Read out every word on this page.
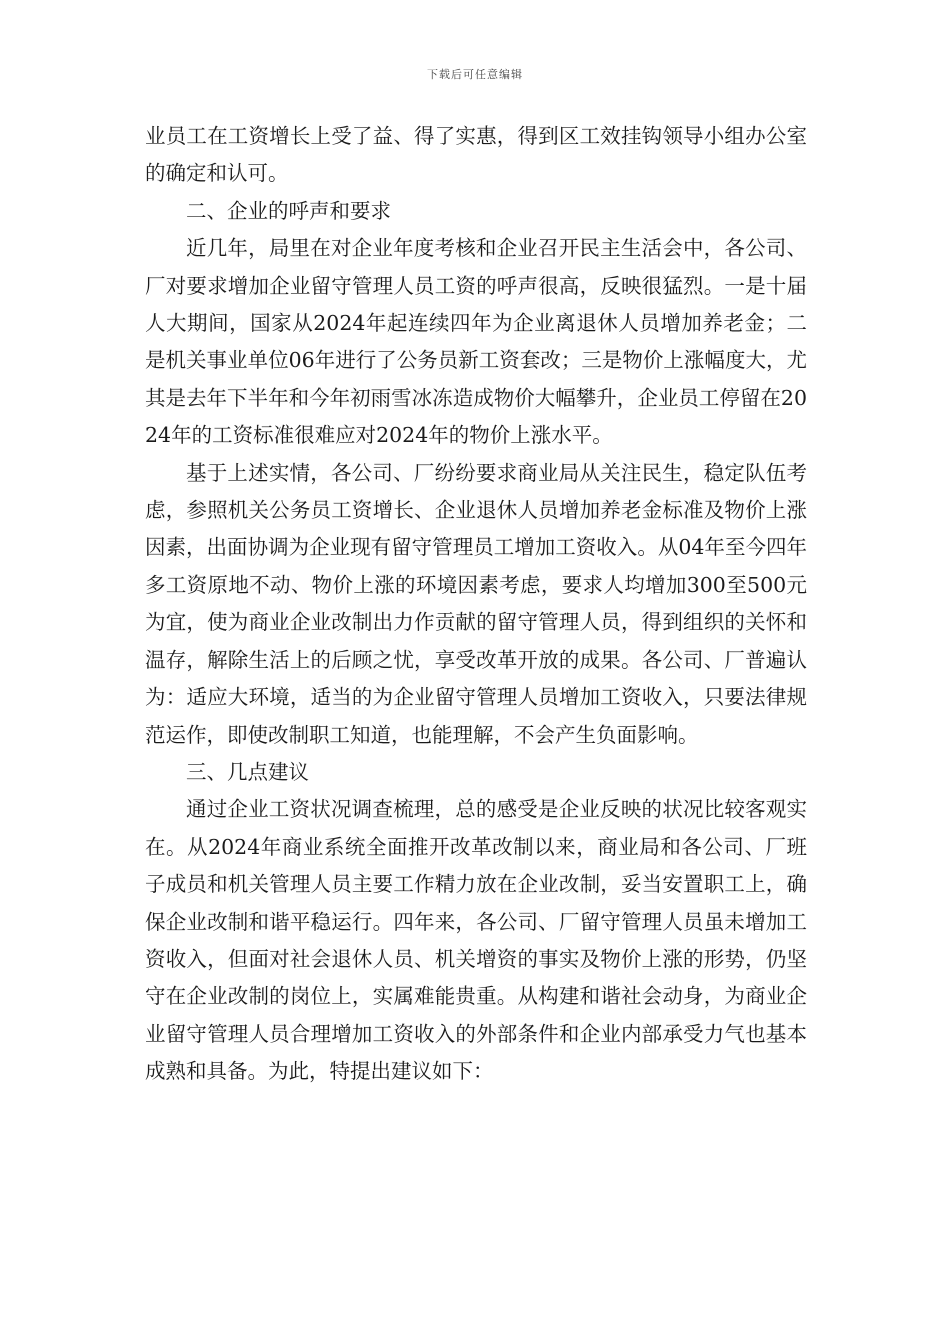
下载后可任意编辑

业员工在工资增长上受了益、得了实惠，得到区工效挂钩领导小组办公室的确定和认可。

二、企业的呼声和要求

近几年，局里在对企业年度考核和企业召开民主生活会中，各公司、厂对要求增加企业留守管理人员工资的呼声很高，反映很猛烈。一是十届人大期间，国家从2024年起连续四年为企业离退休人员增加养老金；二是机关事业单位06年进行了公务员新工资套改；三是物价上涨幅度大，尤其是去年下半年和今年初雨雪冰冻造成物价大幅攀升，企业员工停留在2024年的工资标准很难应对2024年的物价上涨水平。

基于上述实情，各公司、厂纷纷要求商业局从关注民生，稳定队伍考虑，参照机关公务员工资增长、企业退休人员增加养老金标准及物价上涨因素，出面协调为企业现有留守管理员工增加工资收入。从04年至今四年多工资原地不动、物价上涨的环境因素考虑，要求人均增加300至500元为宜，使为商业企业改制出力作贡献的留守管理人员，得到组织的关怀和温存，解除生活上的后顾之忧，享受改革开放的成果。各公司、厂普遍认为：适应大环境，适当的为企业留守管理人员增加工资收入，只要法律规范运作，即使改制职工知道，也能理解，不会产生负面影响。

三、几点建议

通过企业工资状况调查梳理，总的感受是企业反映的状况比较客观实在。从2024年商业系统全面推开改革改制以来，商业局和各公司、厂班子成员和机关管理人员主要工作精力放在企业改制，妥当安置职工上，确保企业改制和谐平稳运行。四年来，各公司、厂留守管理人员虽未增加工资收入，但面对社会退休人员、机关增资的事实及物价上涨的形势，仍坚守在企业改制的岗位上，实属难能贵重。从构建和谐社会动身，为商业企业留守管理人员合理增加工资收入的外部条件和企业内部承受力气也基本成熟和具备。为此，特提出建议如下：
